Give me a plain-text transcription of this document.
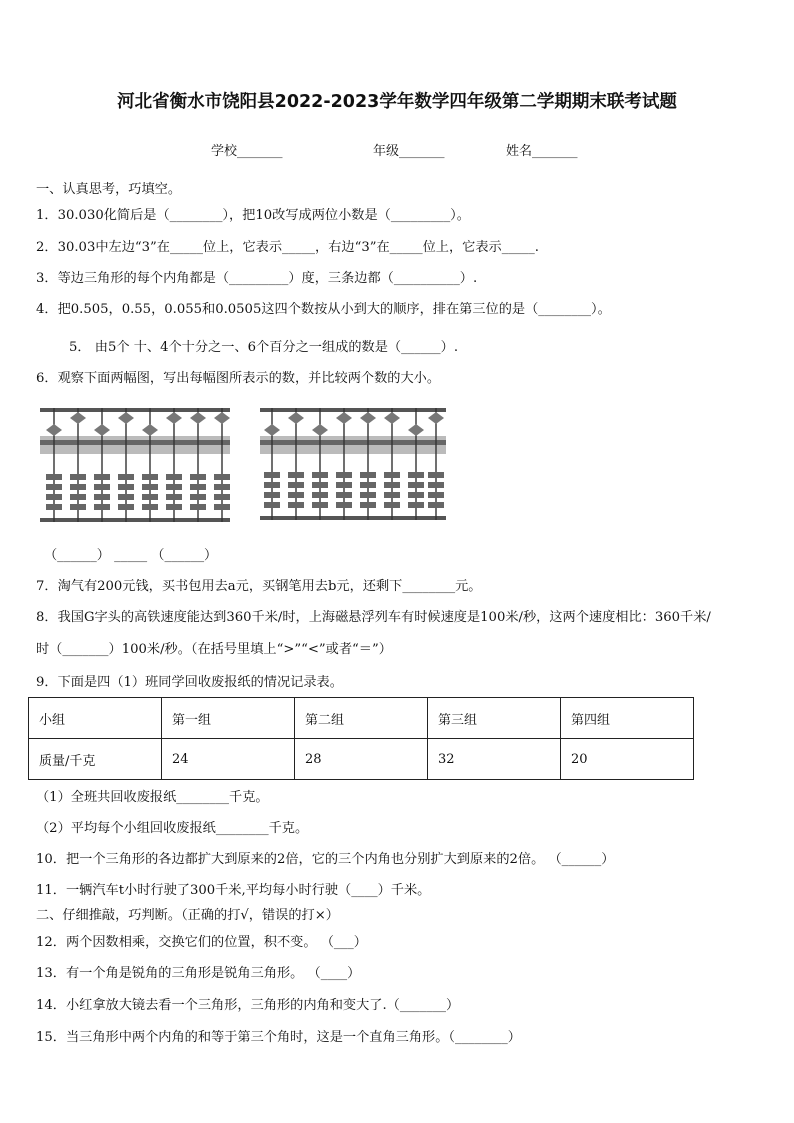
河北省衡水市饶阳县2022-2023学年数学四年级第二学期期末联考试题
学校_______	年级_______	姓名_______
一、认真思考，巧填空。
1．30.030化简后是（________），把10改写成两位小数是（_________）。
2．30.03中左边“3”在_____位上，它表示_____，右边“3”在_____位上，它表示_____.
3．等边三角形的每个内角都是（_________）度，三条边都（__________）.
4．把0.505，0.55，0.055和0.0505这四个数按从小到大的顺序，排在第三位的是（________）。
5． 由5个 十、4个十分之一、6个百分之一组成的数是（______）.
6．观察下面两幅图，写出每幅图所表示的数，并比较两个数的大小。
（______） _____ （______）
7．淘气有200元钱，买书包用去a元，买钢笔用去b元，还剩下________元。
8．我国G字头的高铁速度能达到360千米/时，上海磁悬浮列车有时候速度是100米/秒，这两个速度相比：360千米/
时（_______）100米/秒。（在括号里填上“>”“<”或者“＝”）
9．下面是四（1）班同学回收废报纸的情况记录表。
小组	第一组	第二组	第三组	第四组
质量/千克	24	28	32	20
（1）全班共回收废报纸________千克。
（2）平均每个小组回收废报纸________千克。
10．把一个三角形的各边都扩大到原来的2倍，它的三个内角也分别扩大到原来的2倍。 （______）
11．一辆汽车t小时行驶了300千米,平均每小时行驶（____）千米。
二、仔细推敲，巧判断。（正确的打√，错误的打×）
12．两个因数相乘，交换它们的位置，积不变。 （___）
13．有一个角是锐角的三角形是锐角三角形。 （____）
14．小红拿放大镜去看一个三角形，三角形的内角和变大了.（_______）
15．当三角形中两个内角的和等于第三个角时，这是一个直角三角形。（________）
